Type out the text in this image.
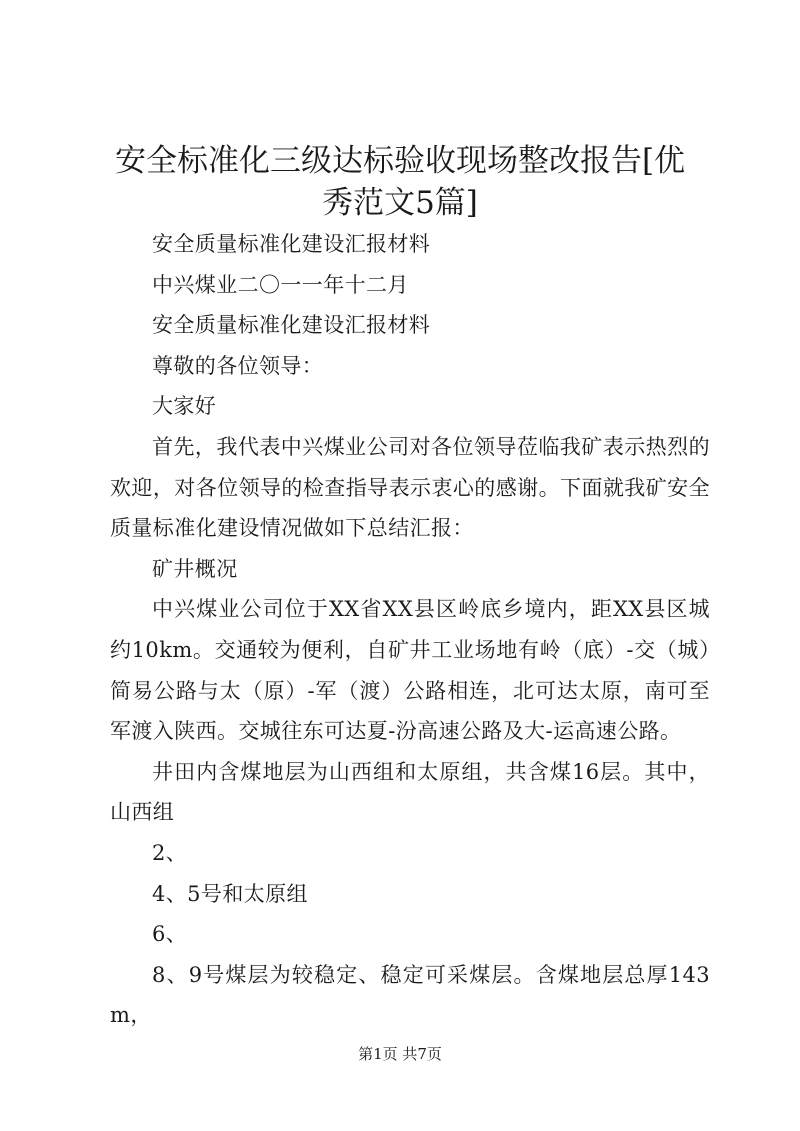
安全标准化三级达标验收现场整改报告[优秀范文5篇]

安全质量标准化建设汇报材料

中兴煤业二〇一一年十二月

安全质量标准化建设汇报材料

尊敬的各位领导：

大家好

首先，我代表中兴煤业公司对各位领导莅临我矿表示热烈的欢迎，对各位领导的检查指导表示衷心的感谢。下面就我矿安全质量标准化建设情况做如下总结汇报：

矿井概况

中兴煤业公司位于XX省XX县区岭底乡境内，距XX县区城约10km。交通较为便利，自矿井工业场地有岭（底）-交（城）简易公路与太（原）-军（渡）公路相连，北可达太原，南可至军渡入陕西。交城往东可达夏-汾高速公路及大-运高速公路。

井田内含煤地层为山西组和太原组，共含煤16层。其中，山西组

2、

4、5号和太原组

6、

8、9号煤层为较稳定、稳定可采煤层。含煤地层总厚143m，

第1页 共7页
